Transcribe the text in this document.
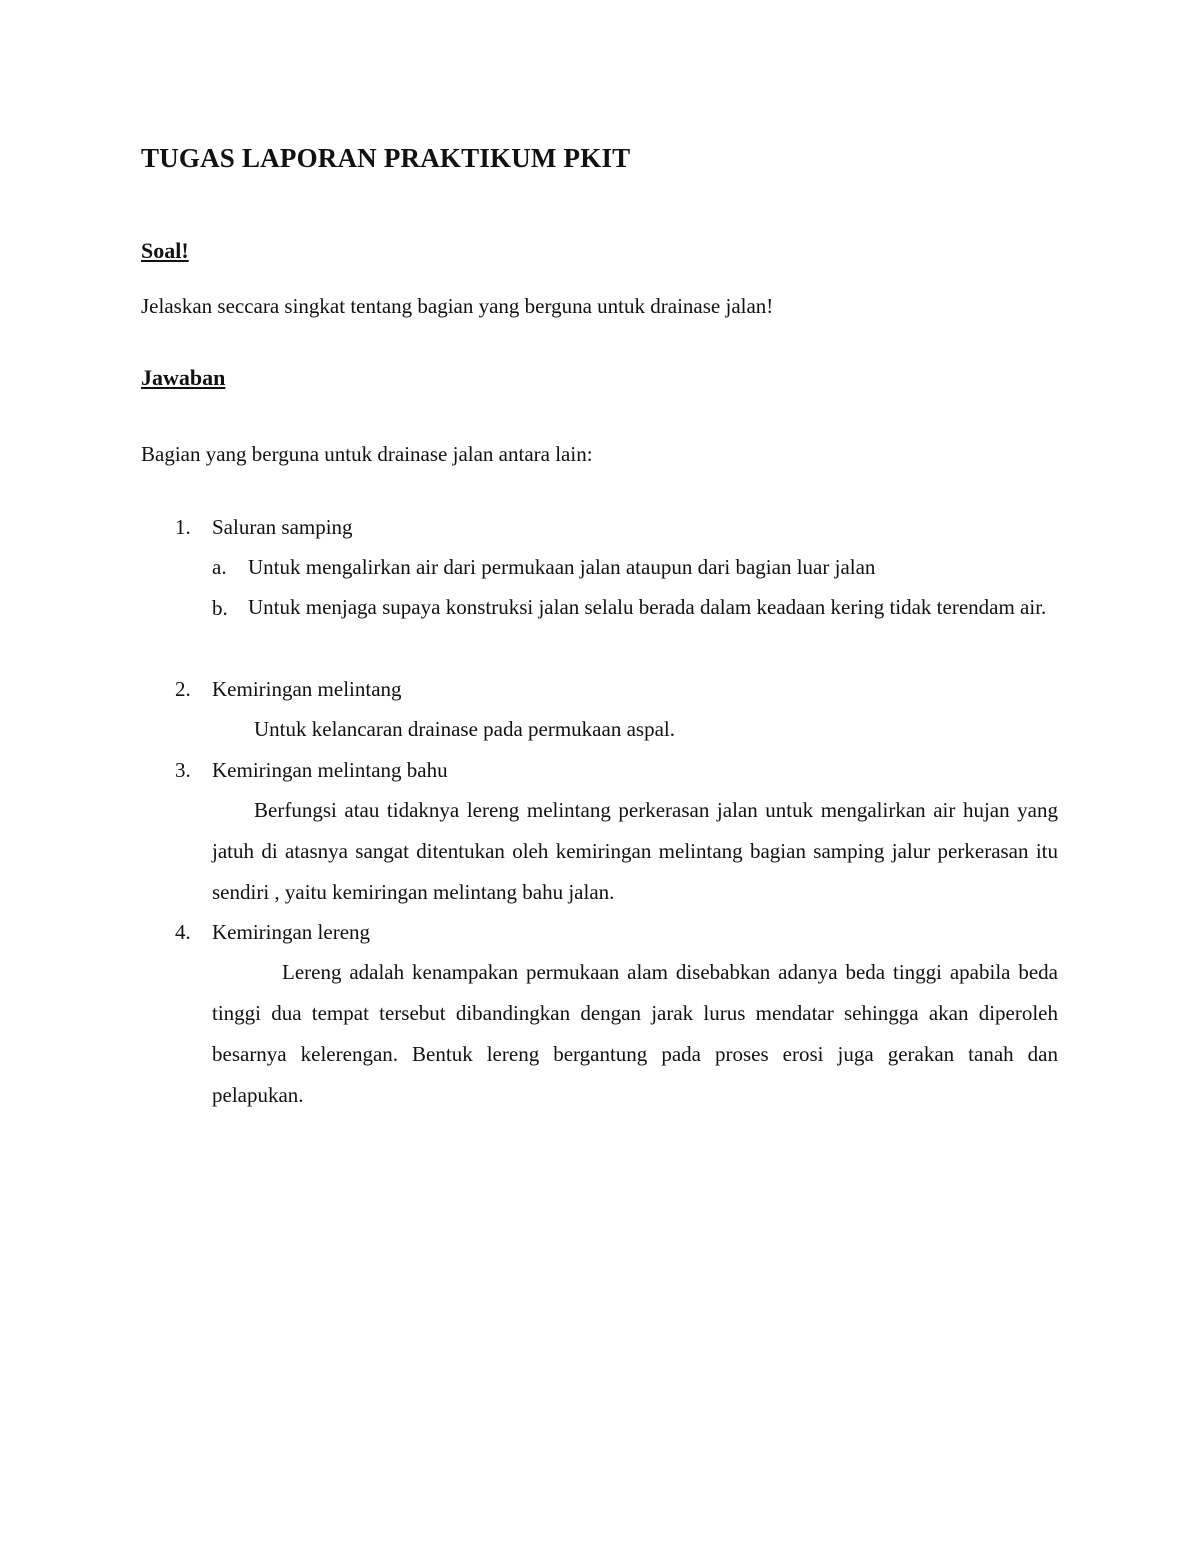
TUGAS LAPORAN PRAKTIKUM PKIT
Soal!

Jelaskan seccara singkat tentang bagian yang berguna untuk drainase jalan!

Jawaban

Bagian yang berguna untuk drainase jalan antara lain:

1. Saluran samping
a. Untuk mengalirkan air dari permukaan jalan ataupun dari bagian luar jalan
b. Untuk menjaga supaya konstruksi jalan selalu berada dalam keadaan kering tidak terendam air.

2. Kemiringan melintang

Untuk kelancaran drainase pada permukaan aspal.

3. Kemiringan melintang bahu

Berfungsi atau tidaknya lereng melintang perkerasan jalan untuk mengalirkan air hujan yang jatuh di atasnya sangat ditentukan oleh kemiringan melintang bagian samping jalur perkerasan itu sendiri , yaitu kemiringan melintang bahu jalan.

4. Kemiringan lereng

Lereng adalah kenampakan permukaan alam disebabkan adanya beda tinggi apabila beda tinggi dua tempat tersebut dibandingkan dengan jarak lurus mendatar sehingga akan diperoleh besarnya kelerengan. Bentuk lereng bergantung pada proses erosi juga gerakan tanah dan pelapukan.
